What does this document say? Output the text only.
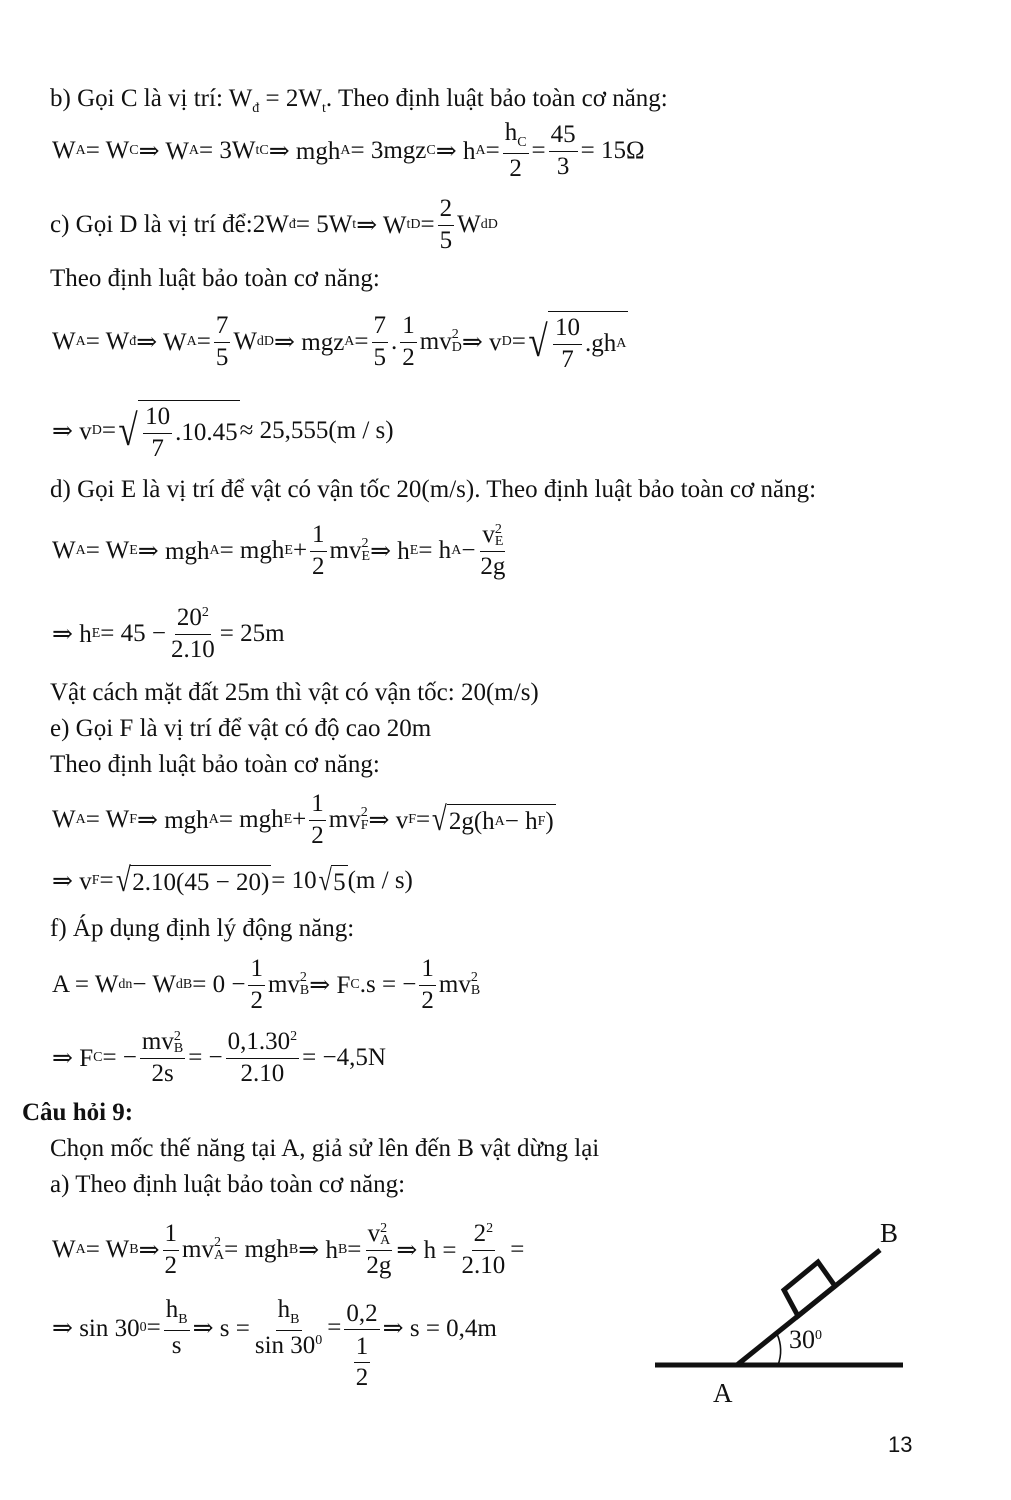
b) Gọi C là vị trí: $W_đ = 2W_t$. Theo định luật bảo toàn cơ năng:
W A = W C ⇒ W A = 3W tC ⇒ mgh A = 3mgz C ⇒ h $A = \frac{h_C}{2} = \frac{45}{3} = 15\Omega$
c) Gọi D là vị trí để: 2W đ = 5W t ⇒ W tD = $\frac{2}{5}$ W dD
Theo định luật bảo toàn cơ năng:
W A = W đ ⇒ W $A = \frac{7}{5}$ W dD ⇒ mgz $A = \frac{7}{5}$ . $\frac{1}{2}$ mv 2
D ⇒ v D = √ $\frac{10}{7} .gh$ A
⇒ v D = √ $\frac{10}{7} .10.45 \approx 25,555(m / s)$
d) Gọi E là vị trí để vật có vận tốc 20(m/s). Theo định luật bảo toàn cơ năng:
W A = W E ⇒ mgh A = mgh $E + \frac{1}{2}$ mv 2
E ⇒ h E = h A − v 2
E
2g
⇒ h $E = 45 - \frac{20^2}{2.10} = 25m$
Vật cách mặt đất 25m thì vật có vận tốc: 20(m/s)
e) Gọi F là vị trí để vật có độ cao 20m
Theo định luật bảo toàn cơ năng:
W A = W F ⇒ mgh A = mgh $E + \frac{1}{2}$ mv 2
F ⇒ v F = √ 2g(h A − h F )
⇒ v F = √ 2.10(45 − 20) = 10 √ 5 (m / s)
f) Áp dụng định lý động năng:
A = W dn − W dB = $0 - \frac{1}{2}$ mv 2
B ⇒ F C .s = − $\frac{1}{2}$ mv 2
B
⇒ F C = − mv 2
B
2s = − $\frac{0,1.30^2}{2.10} = -4,5N$
Câu hỏi 9:
Chọn mốc thế năng tại A, giả sử lên đến B vật dừng lại
a) Theo định luật bảo toàn cơ năng:
W A = W B ⇒ $\frac{1}{2}$ mv 2
A = mgh B ⇒ h B = v 2
A
2g ⇒ $h = \frac{2^2}{2.10}$ =
⇒ sin 30 $0 = \frac{h_B}{s}$ ⇒ $s = \frac{h_B}{\sin 30^0} = \frac{0,2}{\frac{1}{2}}$ ⇒ s = 0,4m	$30^0$
B
A
13
